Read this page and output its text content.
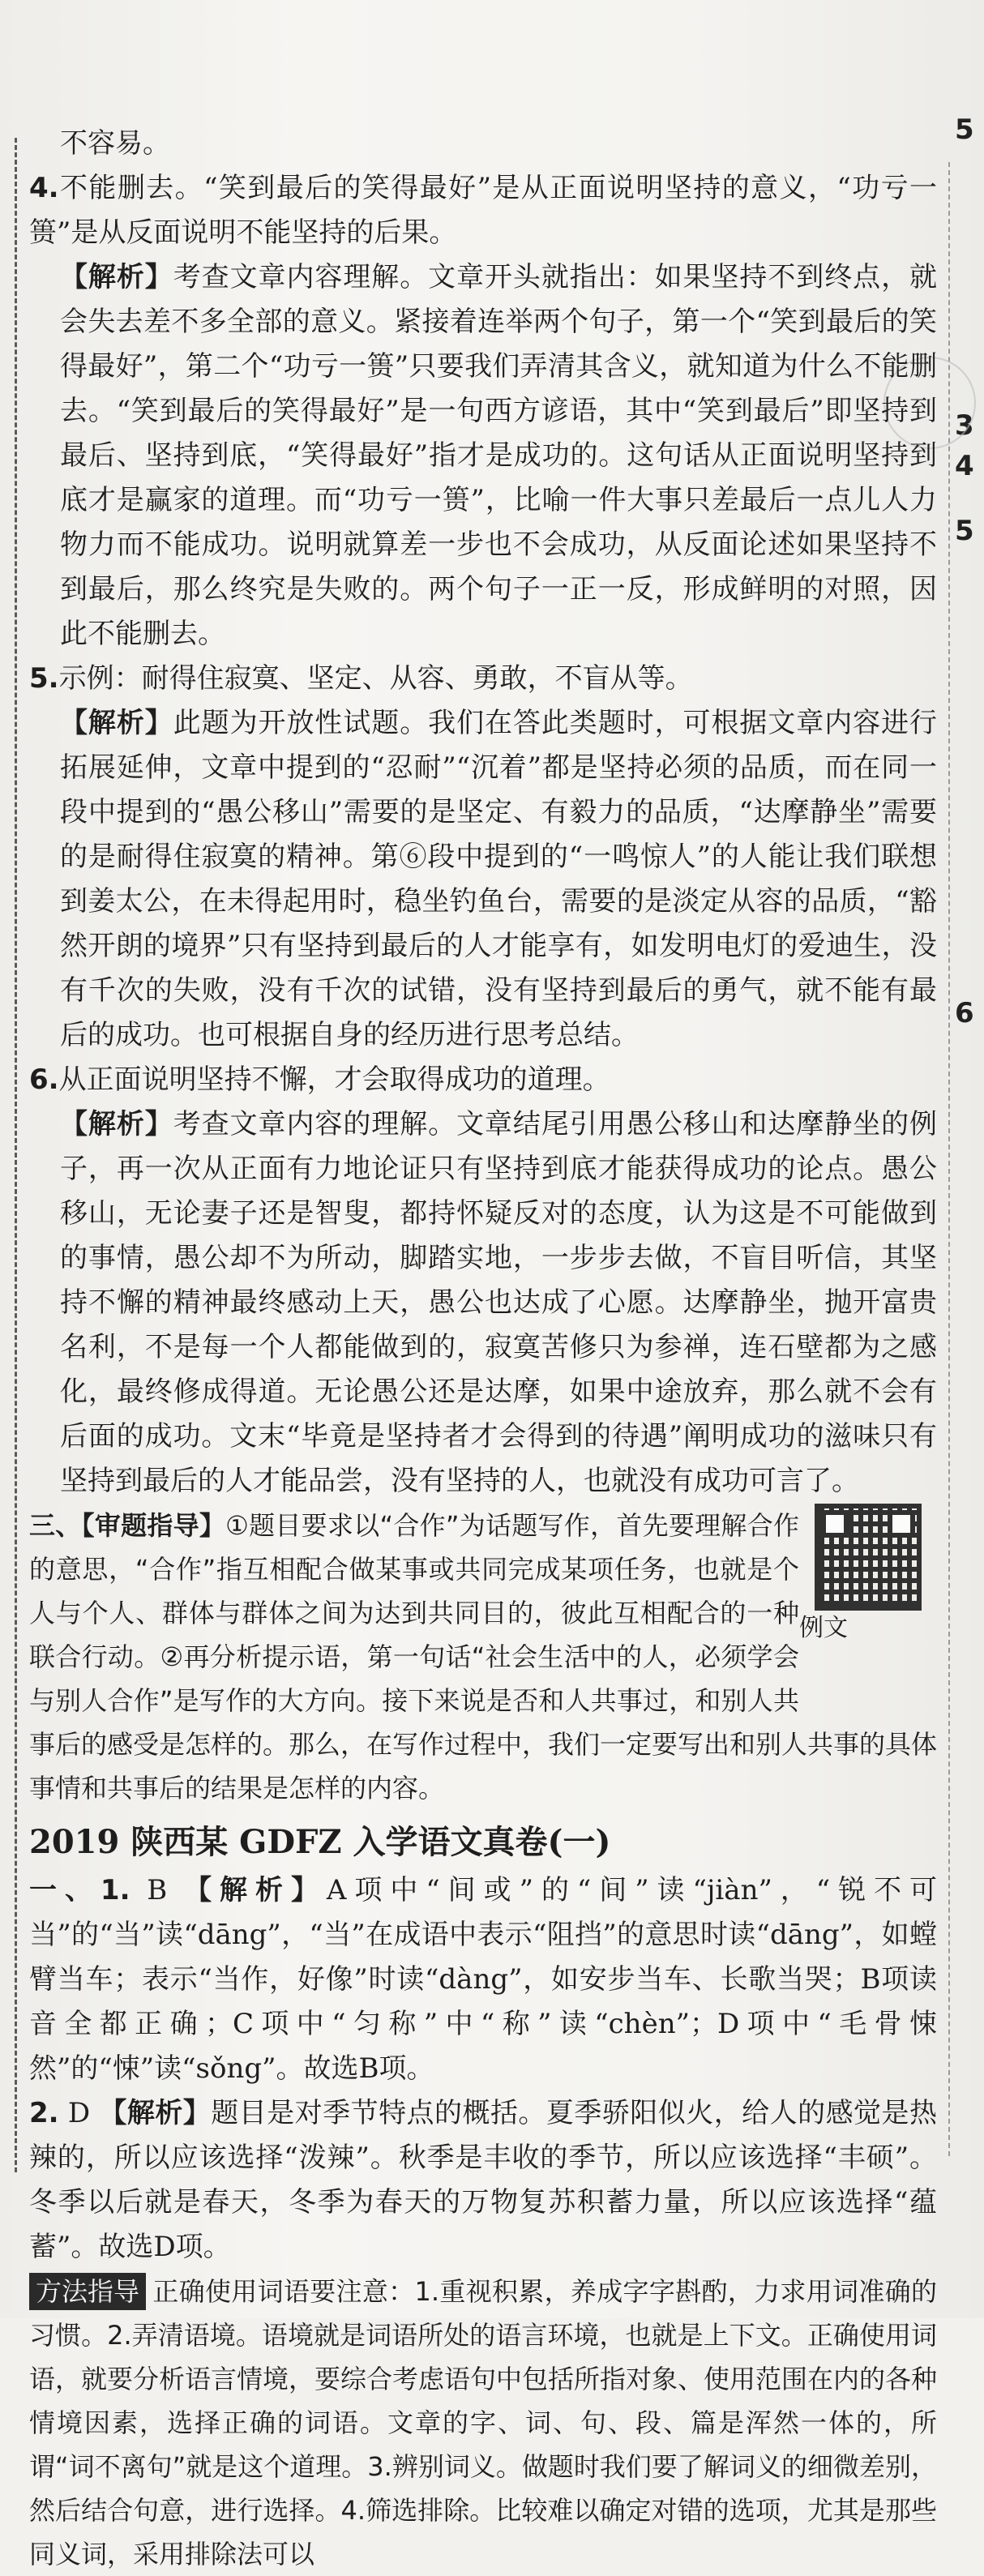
5
3
4
5
6

不容易。

4.不能删去。“笑到最后的笑得最好”是从正面说明坚持的意义，“功亏一篑”是从反面说明不能坚持的后果。

【解析】考查文章内容理解。文章开头就指出：如果坚持不到终点，就会失去差不多全部的意义。紧接着连举两个句子，第一个“笑到最后的笑得最好”，第二个“功亏一篑”只要我们弄清其含义，就知道为什么不能删去。“笑到最后的笑得最好”是一句西方谚语，其中“笑到最后”即坚持到最后、坚持到底，“笑得最好”指才是成功的。这句话从正面说明坚持到底才是赢家的道理。而“功亏一篑”，比喻一件大事只差最后一点儿人力物力而不能成功。说明就算差一步也不会成功，从反面论述如果坚持不到最后，那么终究是失败的。两个句子一正一反，形成鲜明的对照，因此不能删去。

5.示例：耐得住寂寞、坚定、从容、勇敢，不盲从等。

【解析】此题为开放性试题。我们在答此类题时，可根据文章内容进行拓展延伸，文章中提到的“忍耐”“沉着”都是坚持必须的品质，而在同一段中提到的“愚公移山”需要的是坚定、有毅力的品质，“达摩静坐”需要的是耐得住寂寞的精神。第⑥段中提到的“一鸣惊人”的人能让我们联想到姜太公，在未得起用时，稳坐钓鱼台，需要的是淡定从容的品质，“豁然开朗的境界”只有坚持到最后的人才能享有，如发明电灯的爱迪生，没有千次的失败，没有千次的试错，没有坚持到最后的勇气，就不能有最后的成功。也可根据自身的经历进行思考总结。

6.从正面说明坚持不懈，才会取得成功的道理。

【解析】考查文章内容的理解。文章结尾引用愚公移山和达摩静坐的例子，再一次从正面有力地论证只有坚持到底才能获得成功的论点。愚公移山，无论妻子还是智叟，都持怀疑反对的态度，认为这是不可能做到的事情，愚公却不为所动，脚踏实地，一步步去做，不盲目听信，其坚持不懈的精神最终感动上天，愚公也达成了心愿。达摩静坐，抛开富贵名利，不是每一个人都能做到的，寂寞苦修只为参禅，连石壁都为之感化，最终修成得道。无论愚公还是达摩，如果中途放弃，那么就不会有后面的成功。文末“毕竟是坚持者才会得到的待遇”阐明成功的滋味只有坚持到最后的人才能品尝，没有坚持的人，也就没有成功可言了。

例文

三、【审题指导】①题目要求以“合作”为话题写作，首先要理解合作的意思，“合作”指互相配合做某事或共同完成某项任务，也就是个人与个人、群体与群体之间为达到共同目的，彼此互相配合的一种联合行动。②再分析提示语，第一句话“社会生活中的人，必须学会与别人合作”是写作的大方向。接下来说是否和人共事过，和别人共事后的感受是怎样的。那么，在写作过程中，我们一定要写出和别人共事的具体事情和共事后的结果是怎样的内容。

2019 陕西某 GDFZ 入学语文真卷(一)

一、1. B 【解析】A项中“间或”的“间”读“jiàn”，“锐不可当”的“当”读“dāng”，“当”在成语中表示“阻挡”的意思时读“dāng”，如螳臂当车；表示“当作，好像”时读“dàng”，如安步当车、长歌当哭；B项读音全都正确；C项中“匀称”中“称”读“chèn”；D项中“毛骨悚然”的“悚”读“sǒng”。故选B项。

2. D 【解析】题目是对季节特点的概括。夏季骄阳似火，给人的感觉是热辣的，所以应该选择“泼辣”。秋季是丰收的季节，所以应该选择“丰硕”。冬季以后就是春天，冬季为春天的万物复苏积蓄力量，所以应该选择“蕴蓄”。故选D项。

方法指导 正确使用词语要注意：1.重视积累，养成字字斟酌，力求用词准确的习惯。2.弄清语境。语境就是词语所处的语言环境，也就是上下文。正确使用词语，就要分析语言情境，要综合考虑语句中包括所指对象、使用范围在内的各种情境因素，选择正确的词语。文章的字、词、句、段、篇是浑然一体的，所谓“词不离句”就是这个道理。3.辨别词义。做题时我们要了解词义的细微差别，然后结合句意，进行选择。4.筛选排除。比较难以确定对错的选项，尤其是那些同义词，采用排除法可以
